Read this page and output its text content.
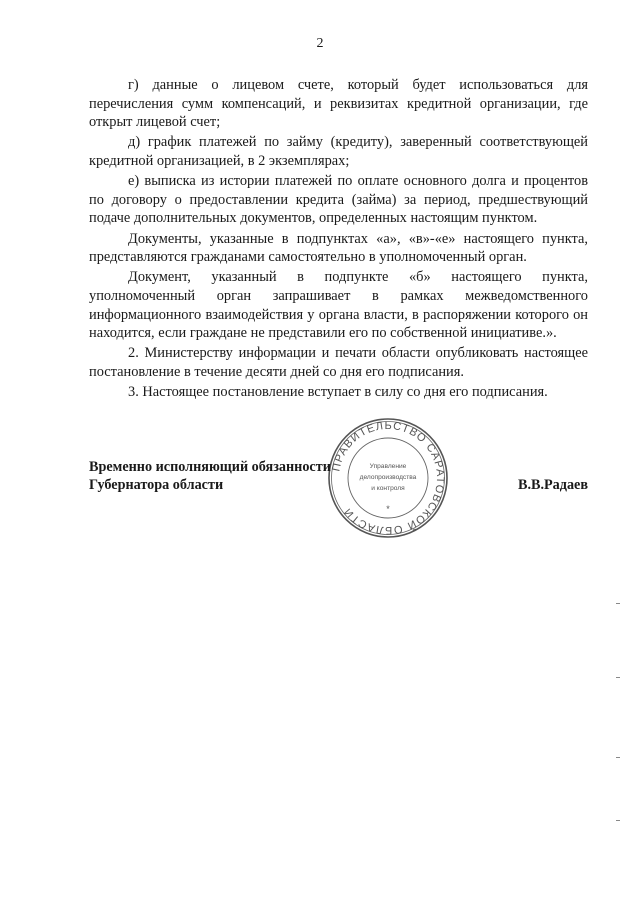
2

г) данные о лицевом счете, который будет использоваться для перечисления сумм компенсаций, и реквизитах кредитной организации, где открыт лицевой счет;

д) график платежей по займу (кредиту), заверенный соответствующей кредитной организацией, в 2 экземплярах;

е) выписка из истории платежей по оплате основного долга и процентов по договору о предоставлении кредита (займа) за период, предшествующий подаче дополнительных документов, определенных настоящим пунктом.

Документы, указанные в подпунктах «а», «в»-«е» настоящего пункта, представляются гражданами самостоятельно в уполномоченный орган.

Документ, указанный в подпункте «б» настоящего пункта, уполномоченный орган запрашивает в рамках межведомственного информационного взаимодействия у органа власти, в распоряжении которого он находится, если граждане не представили его по собственной инициативе.».

2. Министерству информации и печати области опубликовать настоящее постановление в течение десяти дней со дня его подписания.

3. Настоящее постановление вступает в силу со дня его подписания.

ПРАВИТЕЛЬСТВО САРАТОВСКОЙ ОБЛАСТИ
Управление
делопроизводства
и контроля
*
Временно исполняющий обязанности
Губернатора области	В.В.Радаев
